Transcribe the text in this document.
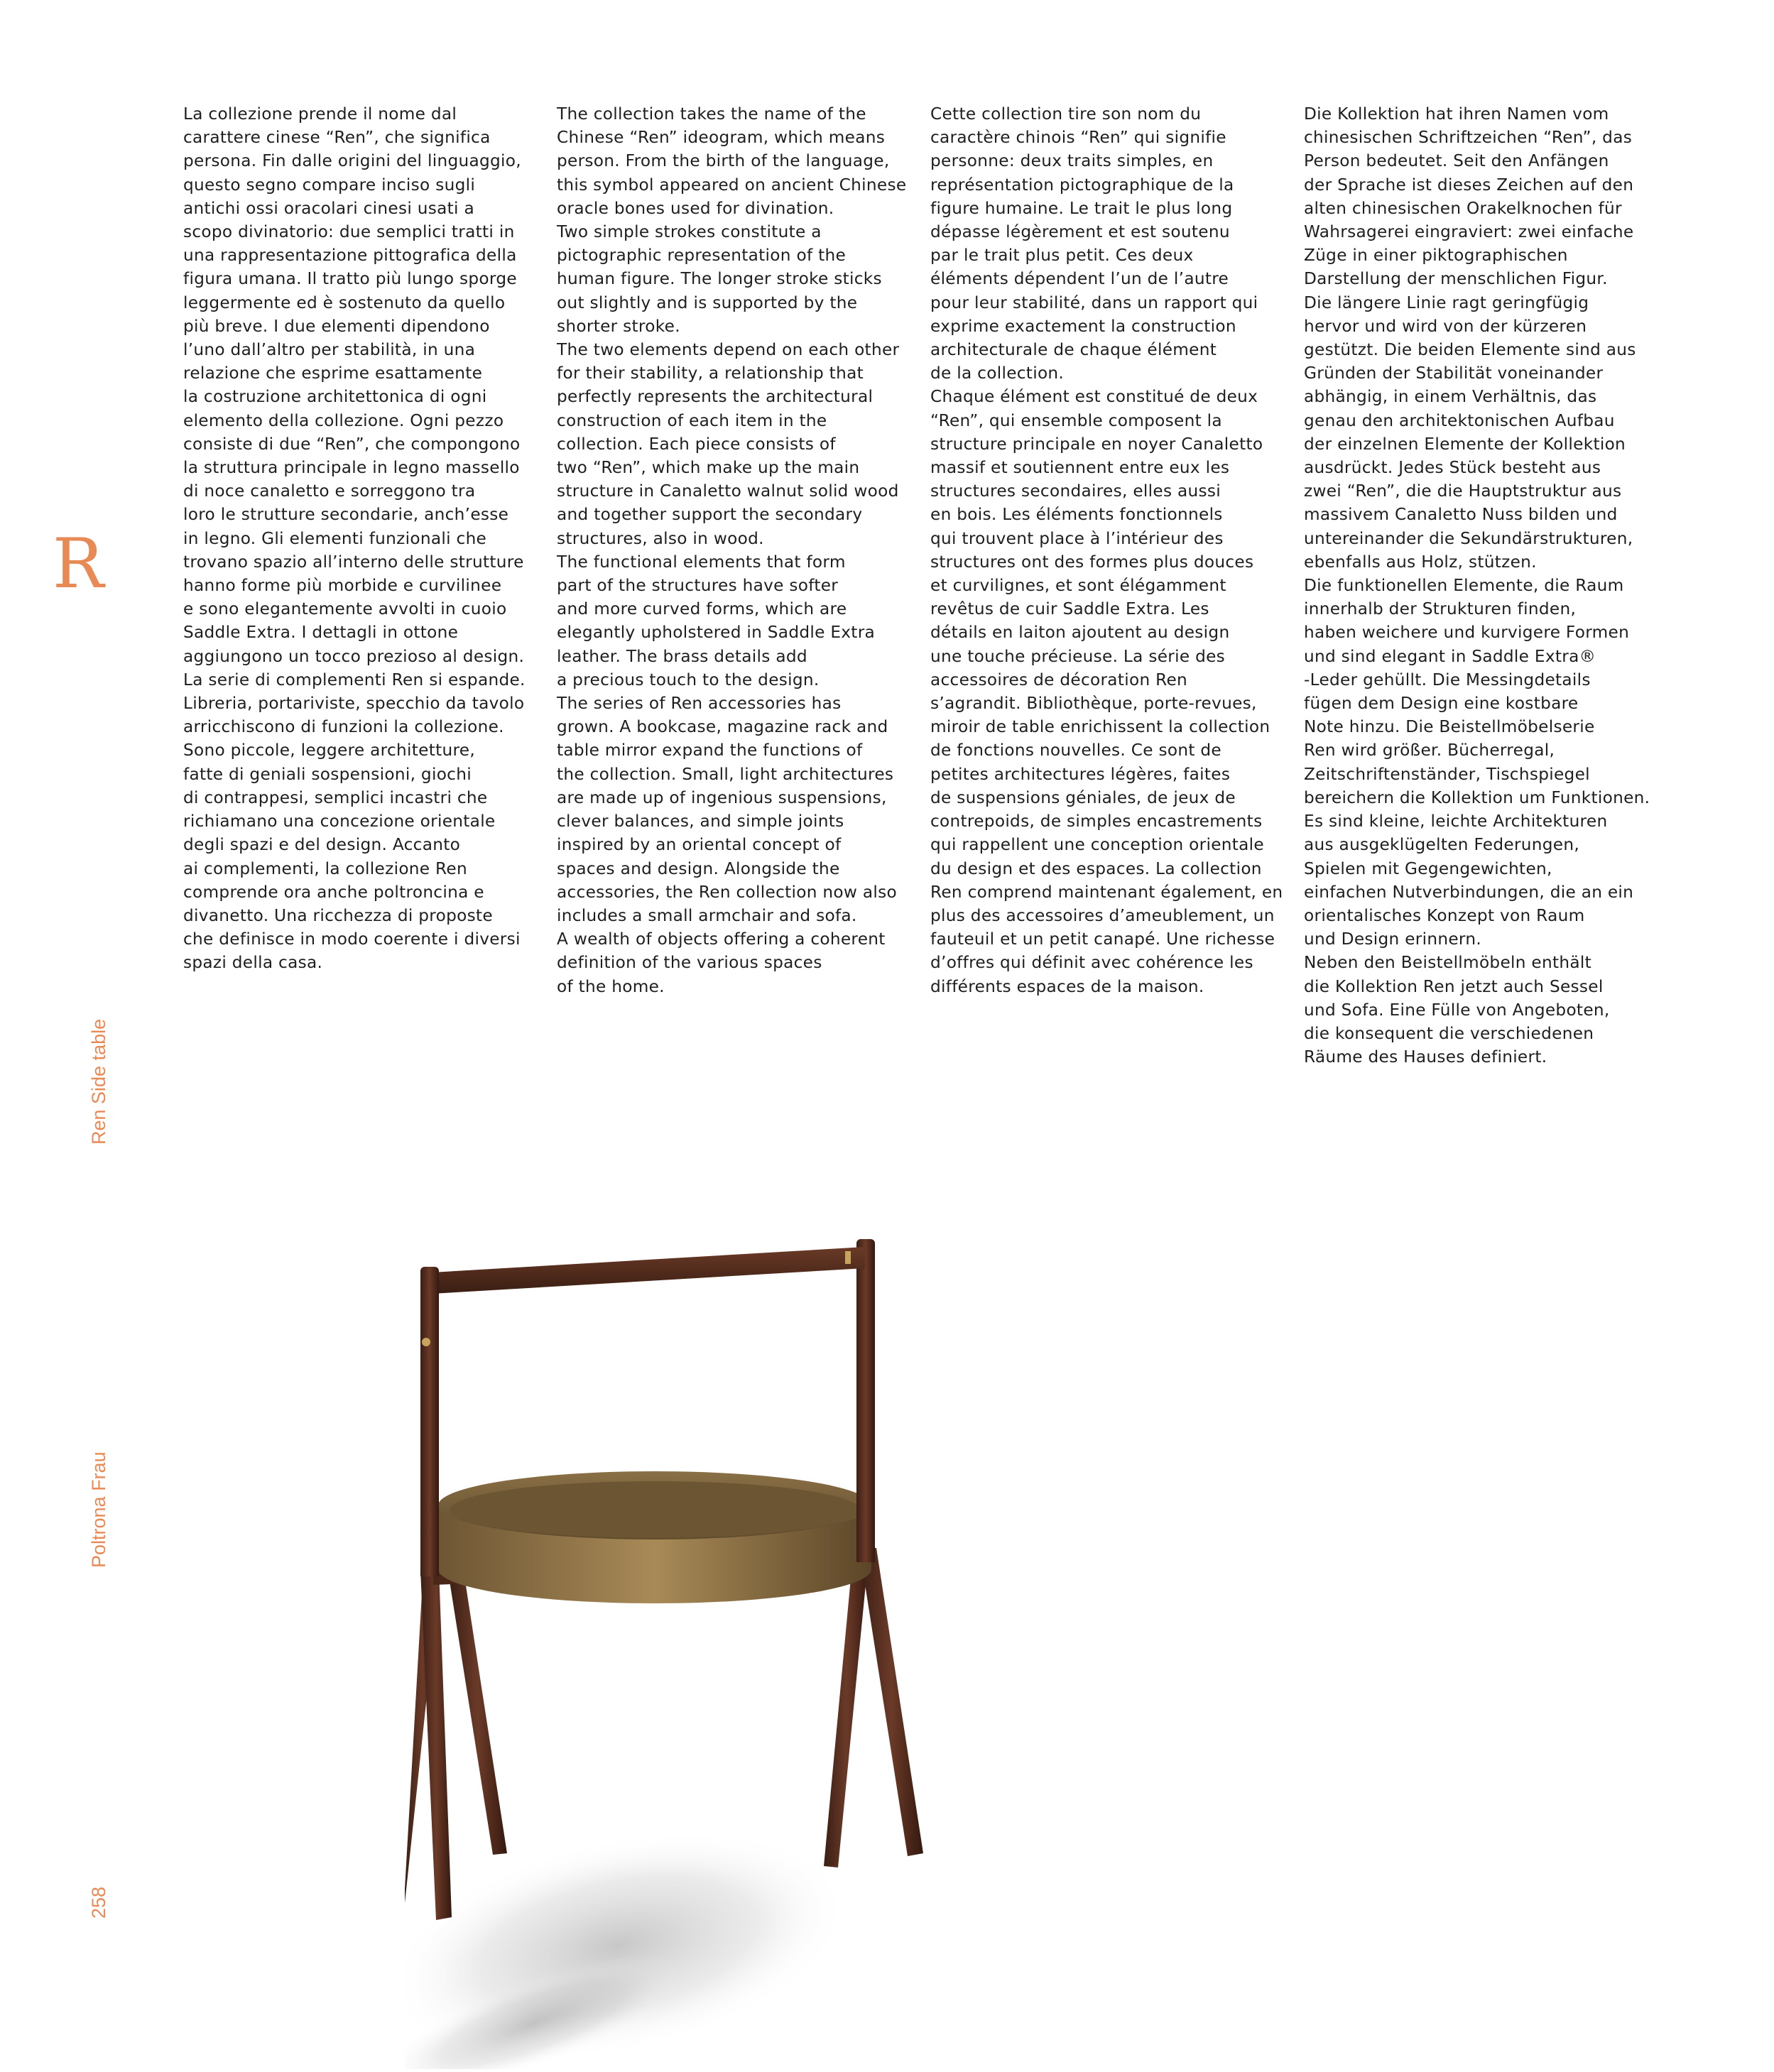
R
Ren Side table
Poltrona Frau
258
La collezione prende il nome dal
carattere cinese “Ren”, che significa
persona. Fin dalle origini del linguaggio,
questo segno compare inciso sugli
antichi ossi oracolari cinesi usati a
scopo divinatorio: due semplici tratti in
una rappresentazione pittografica della
figura umana. Il tratto più lungo sporge
leggermente ed è sostenuto da quello
più breve. I due elementi dipendono
l’uno dall’altro per stabilità, in una
relazione che esprime esattamente
la costruzione architettonica di ogni
elemento della collezione. Ogni pezzo
consiste di due “Ren”, che compongono
la struttura principale in legno massello
di noce canaletto e sorreggono tra
loro le strutture secondarie, anch’esse
in legno. Gli elementi funzionali che
trovano spazio all’interno delle strutture
hanno forme più morbide e curvilinee
e sono elegantemente avvolti in cuoio
Saddle Extra. I dettagli in ottone
aggiungono un tocco prezioso al design.
La serie di complementi Ren si espande.
Libreria, portariviste, specchio da tavolo
arricchiscono di funzioni la collezione.
Sono piccole, leggere architetture,
fatte di geniali sospensioni, giochi
di contrappesi, semplici incastri che
richiamano una concezione orientale
degli spazi e del design. Accanto
ai complementi, la collezione Ren
comprende ora anche poltroncina e
divanetto. Una ricchezza di proposte
che definisce in modo coerente i diversi
spazi della casa.
The collection takes the name of the
Chinese “Ren” ideogram, which means
person. From the birth of the language,
this symbol appeared on ancient Chinese
oracle bones used for divination.
Two simple strokes constitute a
pictographic representation of the
human figure. The longer stroke sticks
out slightly and is supported by the
shorter stroke.
The two elements depend on each other
for their stability, a relationship that
perfectly represents the architectural
construction of each item in the
collection. Each piece consists of
two “Ren”, which make up the main
structure in Canaletto walnut solid wood
and together support the secondary
structures, also in wood.
The functional elements that form
part of the structures have softer
and more curved forms, which are
elegantly upholstered in Saddle Extra
leather. The brass details add
a precious touch to the design.
The series of Ren accessories has
grown. A bookcase, magazine rack and
table mirror expand the functions of
the collection. Small, light architectures
are made up of ingenious suspensions,
clever balances, and simple joints
inspired by an oriental concept of
spaces and design. Alongside the
accessories, the Ren collection now also
includes a small armchair and sofa.
A wealth of objects offering a coherent
definition of the various spaces
of the home.
Cette collection tire son nom du
caractère chinois “Ren” qui signifie
personne: deux traits simples, en
représentation pictographique de la
figure humaine. Le trait le plus long
dépasse légèrement et est soutenu
par le trait plus petit. Ces deux
éléments dépendent l’un de l’autre
pour leur stabilité, dans un rapport qui
exprime exactement la construction
architecturale de chaque élément
de la collection.
Chaque élément est constitué de deux
“Ren”, qui ensemble composent la
structure principale en noyer Canaletto
massif et soutiennent entre eux les
structures secondaires, elles aussi
en bois. Les éléments fonctionnels
qui trouvent place à l’intérieur des
structures ont des formes plus douces
et curvilignes, et sont élégamment
revêtus de cuir Saddle Extra. Les
détails en laiton ajoutent au design
une touche précieuse. La série des
accessoires de décoration Ren
s’agrandit. Bibliothèque, porte-revues,
miroir de table enrichissent la collection
de fonctions nouvelles. Ce sont de
petites architectures légères, faites
de suspensions géniales, de jeux de
contrepoids, de simples encastrements
qui rappellent une conception orientale
du design et des espaces. La collection
Ren comprend maintenant également, en
plus des accessoires d’ameublement, un
fauteuil et un petit canapé. Une richesse
d’offres qui définit avec cohérence les
différents espaces de la maison.
Die Kollektion hat ihren Namen vom
chinesischen Schriftzeichen “Ren”, das
Person bedeutet. Seit den Anfängen
der Sprache ist dieses Zeichen auf den
alten chinesischen Orakelknochen für
Wahrsagerei eingraviert: zwei einfache
Züge in einer piktographischen
Darstellung der menschlichen Figur.
Die längere Linie ragt geringfügig
hervor und wird von der kürzeren
gestützt. Die beiden Elemente sind aus
Gründen der Stabilität voneinander
abhängig, in einem Verhältnis, das
genau den architektonischen Aufbau
der einzelnen Elemente der Kollektion
ausdrückt. Jedes Stück besteht aus
zwei “Ren”, die die Hauptstruktur aus
massivem Canaletto Nuss bilden und
untereinander die Sekundärstrukturen,
ebenfalls aus Holz, stützen.
Die funktionellen Elemente, die Raum
innerhalb der Strukturen finden,
haben weichere und kurvigere Formen
und sind elegant in Saddle Extra®
-Leder gehüllt. Die Messingdetails
fügen dem Design eine kostbare
Note hinzu. Die Beistellmöbelserie
Ren wird größer. Bücherregal,
Zeitschriftenständer, Tischspiegel
bereichern die Kollektion um Funktionen.
Es sind kleine, leichte Architekturen
aus ausgeklügelten Federungen,
Spielen mit Gegengewichten,
einfachen Nutverbindungen, die an ein
orientalisches Konzept von Raum
und Design erinnern.
Neben den Beistellmöbeln enthält
die Kollektion Ren jetzt auch Sessel
und Sofa. Eine Fülle von Angeboten,
die konsequent die verschiedenen
Räume des Hauses definiert.
